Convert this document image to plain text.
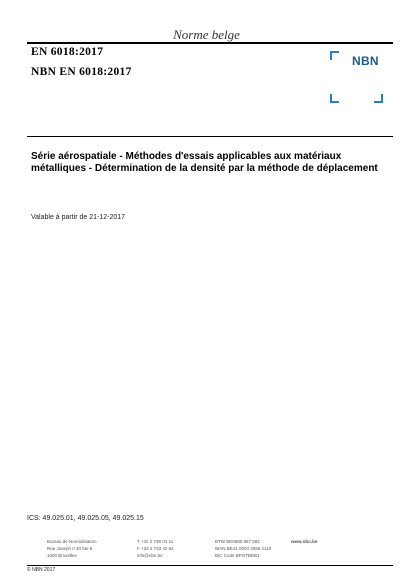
Norme belge
EN 6018:2017
NBN EN 6018:2017
NBN
Série aérospatiale - Méthodes d'essais applicables aux matériaux métalliques - Détermination de la densité par la méthode de déplacement
Valable à partir de 21-12-2017
ICS: 49.025.01, 49.025.05, 49.025.15
Bureau de Normalisation
Rue Joseph II 40 bte 6
1000 Bruxelles
T +32 2 738 01 11
F +32 2 733 42 64
info@nbn.be
BTW BE0880 857 592
IBAN BE41 0003 2556 2110
BIC Code BPOTBEB1
www.nbn.be
© NBN 2017
